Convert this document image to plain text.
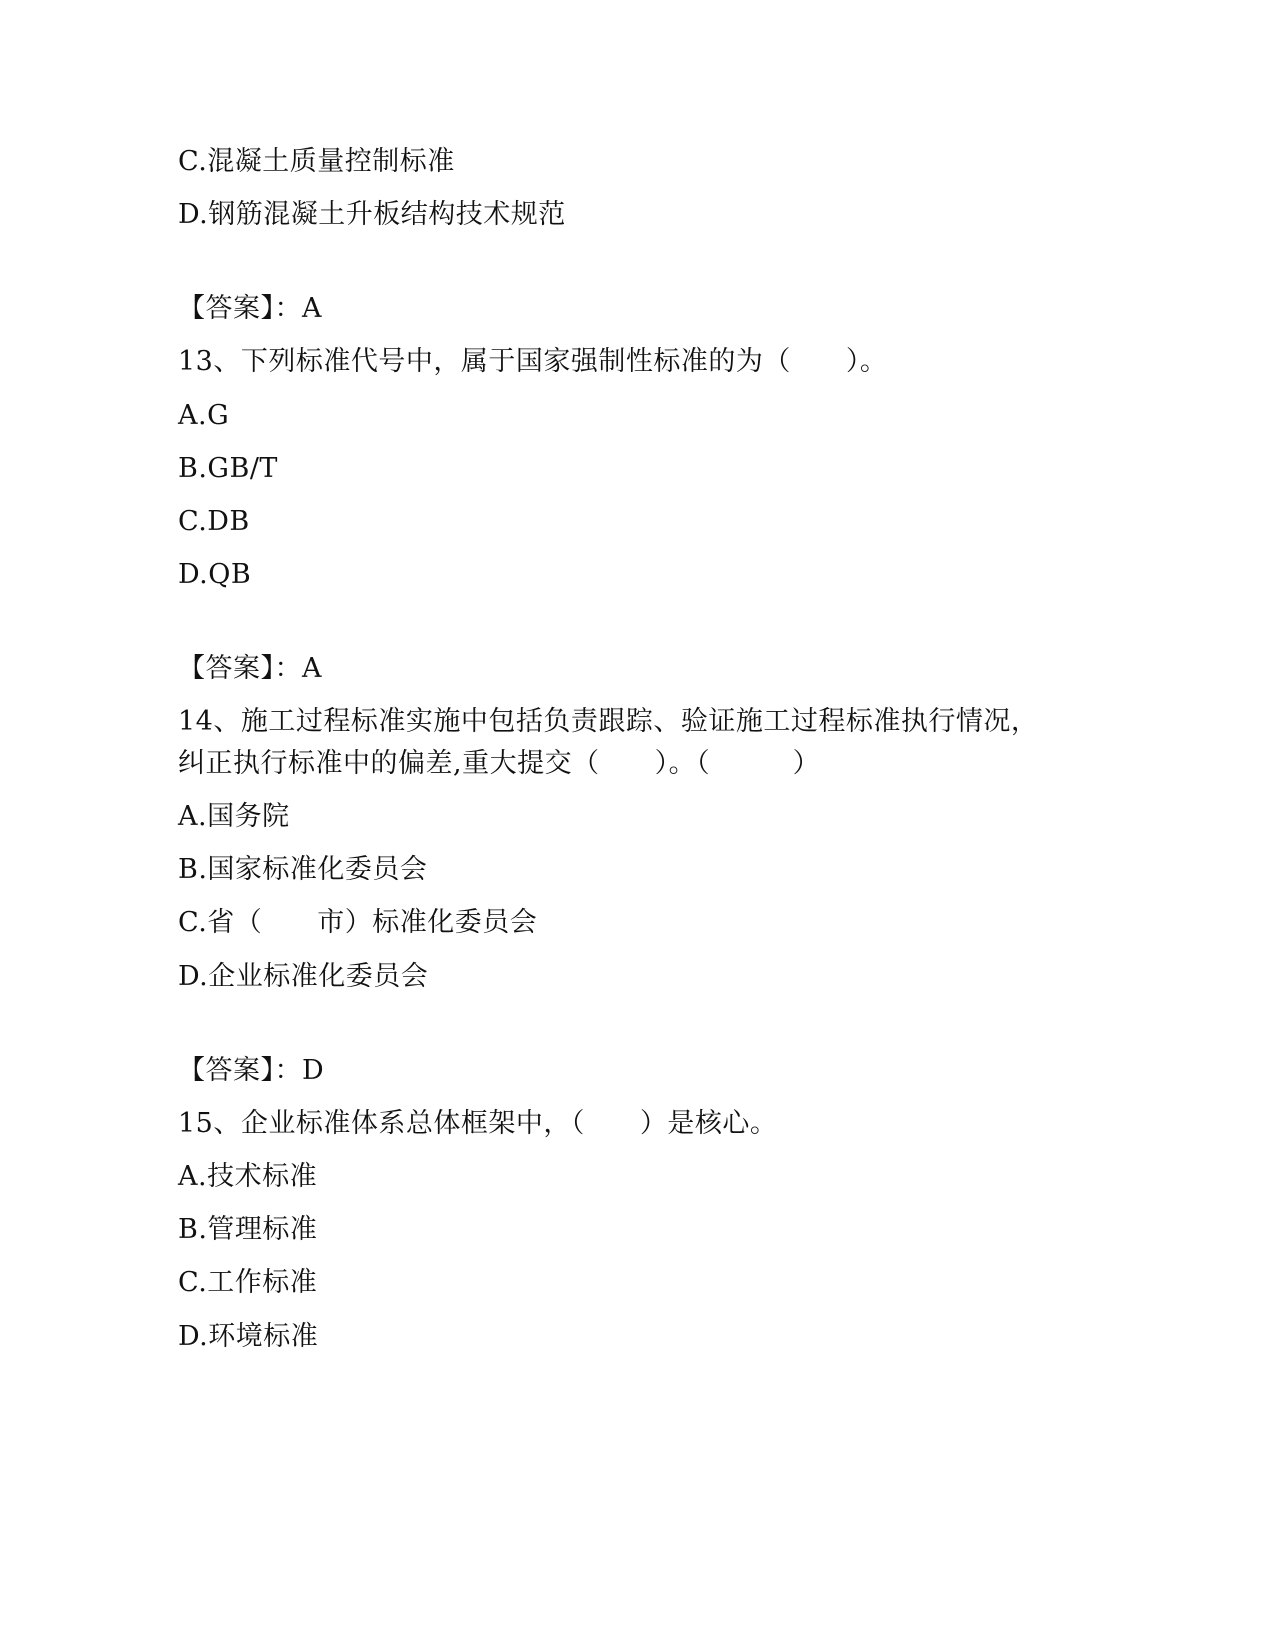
C.混凝土质量控制标准
D.钢筋混凝土升板结构技术规范
【答案】：A
13、下列标准代号中，属于国家强制性标准的为（　　）。
A.G
B.GB/T
C.DB
D.QB
【答案】：A
14、施工过程标准实施中包括负责跟踪、验证施工过程标准执行情况，
纠正执行标准中的偏差,重大提交（　　）。（　　　）
A.国务院
B.国家标准化委员会
C.省（　　市）标准化委员会
D.企业标准化委员会
【答案】：D
15、企业标准体系总体框架中，（　　）是核心。
A.技术标准
B.管理标准
C.工作标准
D.环境标准
